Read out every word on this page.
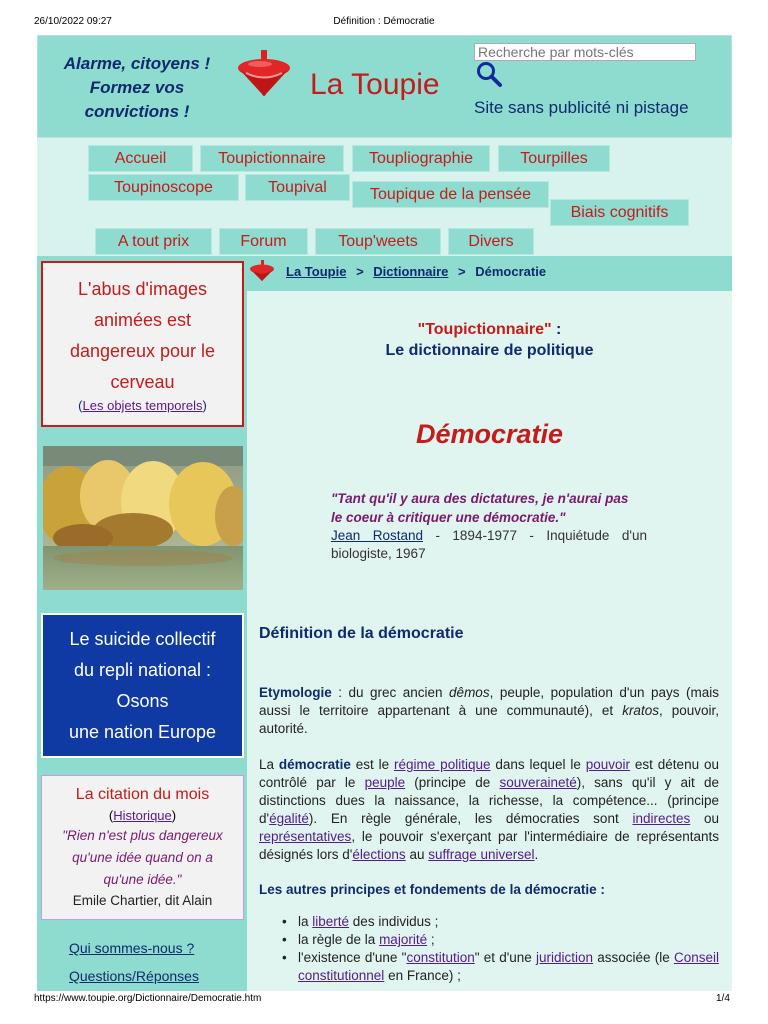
26/10/2022 09:27	Définition : Démocratie
Alarme, citoyens !
Formez vos
convictions !
La Toupie
Recherche par mots-clés
Site sans publicité ni pistage
Accueil	Toupictionnaire	Toupliographie	Tourpilles
Toupinoscope	Toupival	Toupique de la pensée
Biais cognitifs
A tout prix	Forum	Toup'weets	Divers
L'abus d'images
animées est
dangereux pour le
cerveau
(Les objets temporels)
Le suicide collectif
du repli national :
Osons
une nation Europe
La citation du mois
(Historique)
"Rien n'est plus dangereux
qu'une idée quand on a
qu'une idée."
Emile Chartier, dit Alain
Qui sommes-nous ?
Questions/Réponses
La Toupie > Dictionnaire > Démocratie
"Toupictionnaire" :
Le dictionnaire de politique
Démocratie
"Tant qu'il y aura des dictatures, je n'aurai pas
le coeur à critiquer une démocratie."
Jean Rostand - 1894-1977 - Inquiétude d'un biologiste, 1967
Définition de la démocratie
Etymologie : du grec ancien dêmos, peuple, population d'un pays (mais aussi le territoire appartenant à une communauté), et kratos, pouvoir, autorité.
La démocratie est le régime politique dans lequel le pouvoir est détenu ou contrôlé par le peuple (principe de souveraineté), sans qu'il y ait de distinctions dues la naissance, la richesse, la compétence... (principe d'égalité). En règle générale, les démocraties sont indirectes ou représentatives, le pouvoir s'exerçant par l'intermédiaire de représentants désignés lors d'élections au suffrage universel.
Les autres principes et fondements de la démocratie :
• la liberté des individus ;
• la règle de la majorité ;
• l'existence d'une "constitution" et d'une juridiction associée (le Conseil constitutionnel en France) ;
https://www.toupie.org/Dictionnaire/Democratie.htm	1/4
